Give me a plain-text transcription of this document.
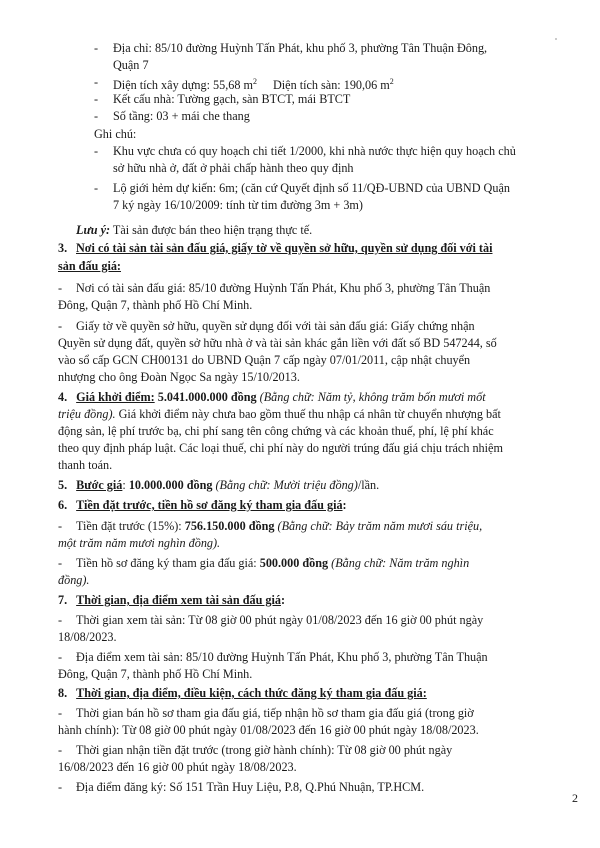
- Địa chỉ: 85/10 đường Huỳnh Tấn Phát, khu phố 3, phường Tân Thuận Đông,
Quận 7
- Diện tích xây dựng: 55,68 $m^2$ Diện tích sàn: 190,06 $m^2$
- Kết cấu nhà: Tường gạch, sàn BTCT, mái BTCT
- Số tầng: 03 + mái che thang
Ghi chú:
- Khu vực chưa có quy hoạch chi tiết 1/2000, khi nhà nước thực hiện quy hoạch chủ
sở hữu nhà ở, đất ở phải chấp hành theo quy định
- Lộ giới hẻm dự kiến: 6m; (căn cứ Quyết định số 11/QĐ-UBND của UBND Quận
7 ký ngày 16/10/2009: tính từ tim đường 3m + 3m)
Lưu ý: Tài sản được bán theo hiện trạng thực tế.
3. Nơi có tài sản tài sản đấu giá, giấy tờ về quyền sở hữu, quyền sử dụng đối với tài
sản đấu giá:
- Nơi có tài sản đấu giá: 85/10 đường Huỳnh Tấn Phát, Khu phố 3, phường Tân Thuận
Đông, Quận 7, thành phố Hồ Chí Minh.
- Giấy tờ về quyền sở hữu, quyền sử dụng đối với tài sản đấu giá: Giấy chứng nhận
Quyền sử dụng đất, quyền sở hữu nhà ở và tài sản khác gắn liền với đất số BD 547244, số
vào sổ cấp GCN CH00131 do UBND Quận 7 cấp ngày 07/01/2011, cập nhật chuyển
nhượng cho ông Đoàn Ngọc Sa ngày 15/10/2013.
4. Giá khởi điểm: 5.041.000.000 đồng (Bằng chữ: Năm tỷ, không trăm bốn mươi mốt
triệu đồng). Giá khởi điểm này chưa bao gồm thuế thu nhập cá nhân từ chuyển nhượng bất
động sản, lệ phí trước bạ, chi phí sang tên công chứng và các khoản thuế, phí, lệ phí khác
theo quy định pháp luật. Các loại thuế, chi phí này do người trúng đấu giá chịu trách nhiệm
thanh toán.
5. Bước giá: 10.000.000 đồng (Bằng chữ: Mười triệu đồng)/lần.
6. Tiền đặt trước, tiền hồ sơ đăng ký tham gia đấu giá:
- Tiền đặt trước (15%): 756.150.000 đồng (Bằng chữ: Bảy trăm năm mươi sáu triệu,
một trăm năm mươi nghìn đồng).
- Tiền hồ sơ đăng ký tham gia đấu giá: 500.000 đồng (Bằng chữ: Năm trăm nghìn
đồng).
7. Thời gian, địa điểm xem tài sản đấu giá:
- Thời gian xem tài sản: Từ 08 giờ 00 phút ngày 01/08/2023 đến 16 giờ 00 phút ngày
18/08/2023.
- Địa điểm xem tài sản: 85/10 đường Huỳnh Tấn Phát, Khu phố 3, phường Tân Thuận
Đông, Quận 7, thành phố Hồ Chí Minh.
8. Thời gian, địa điểm, điều kiện, cách thức đăng ký tham gia đấu giá:
- Thời gian bán hồ sơ tham gia đấu giá, tiếp nhận hồ sơ tham gia đấu giá (trong giờ
hành chính): Từ 08 giờ 00 phút ngày 01/08/2023 đến 16 giờ 00 phút ngày 18/08/2023.
- Thời gian nhận tiền đặt trước (trong giờ hành chính): Từ 08 giờ 00 phút ngày
16/08/2023 đến 16 giờ 00 phút ngày 18/08/2023.
- Địa điểm đăng ký: Số 151 Trần Huy Liệu, P.8, Q.Phú Nhuận, TP.HCM.
2
